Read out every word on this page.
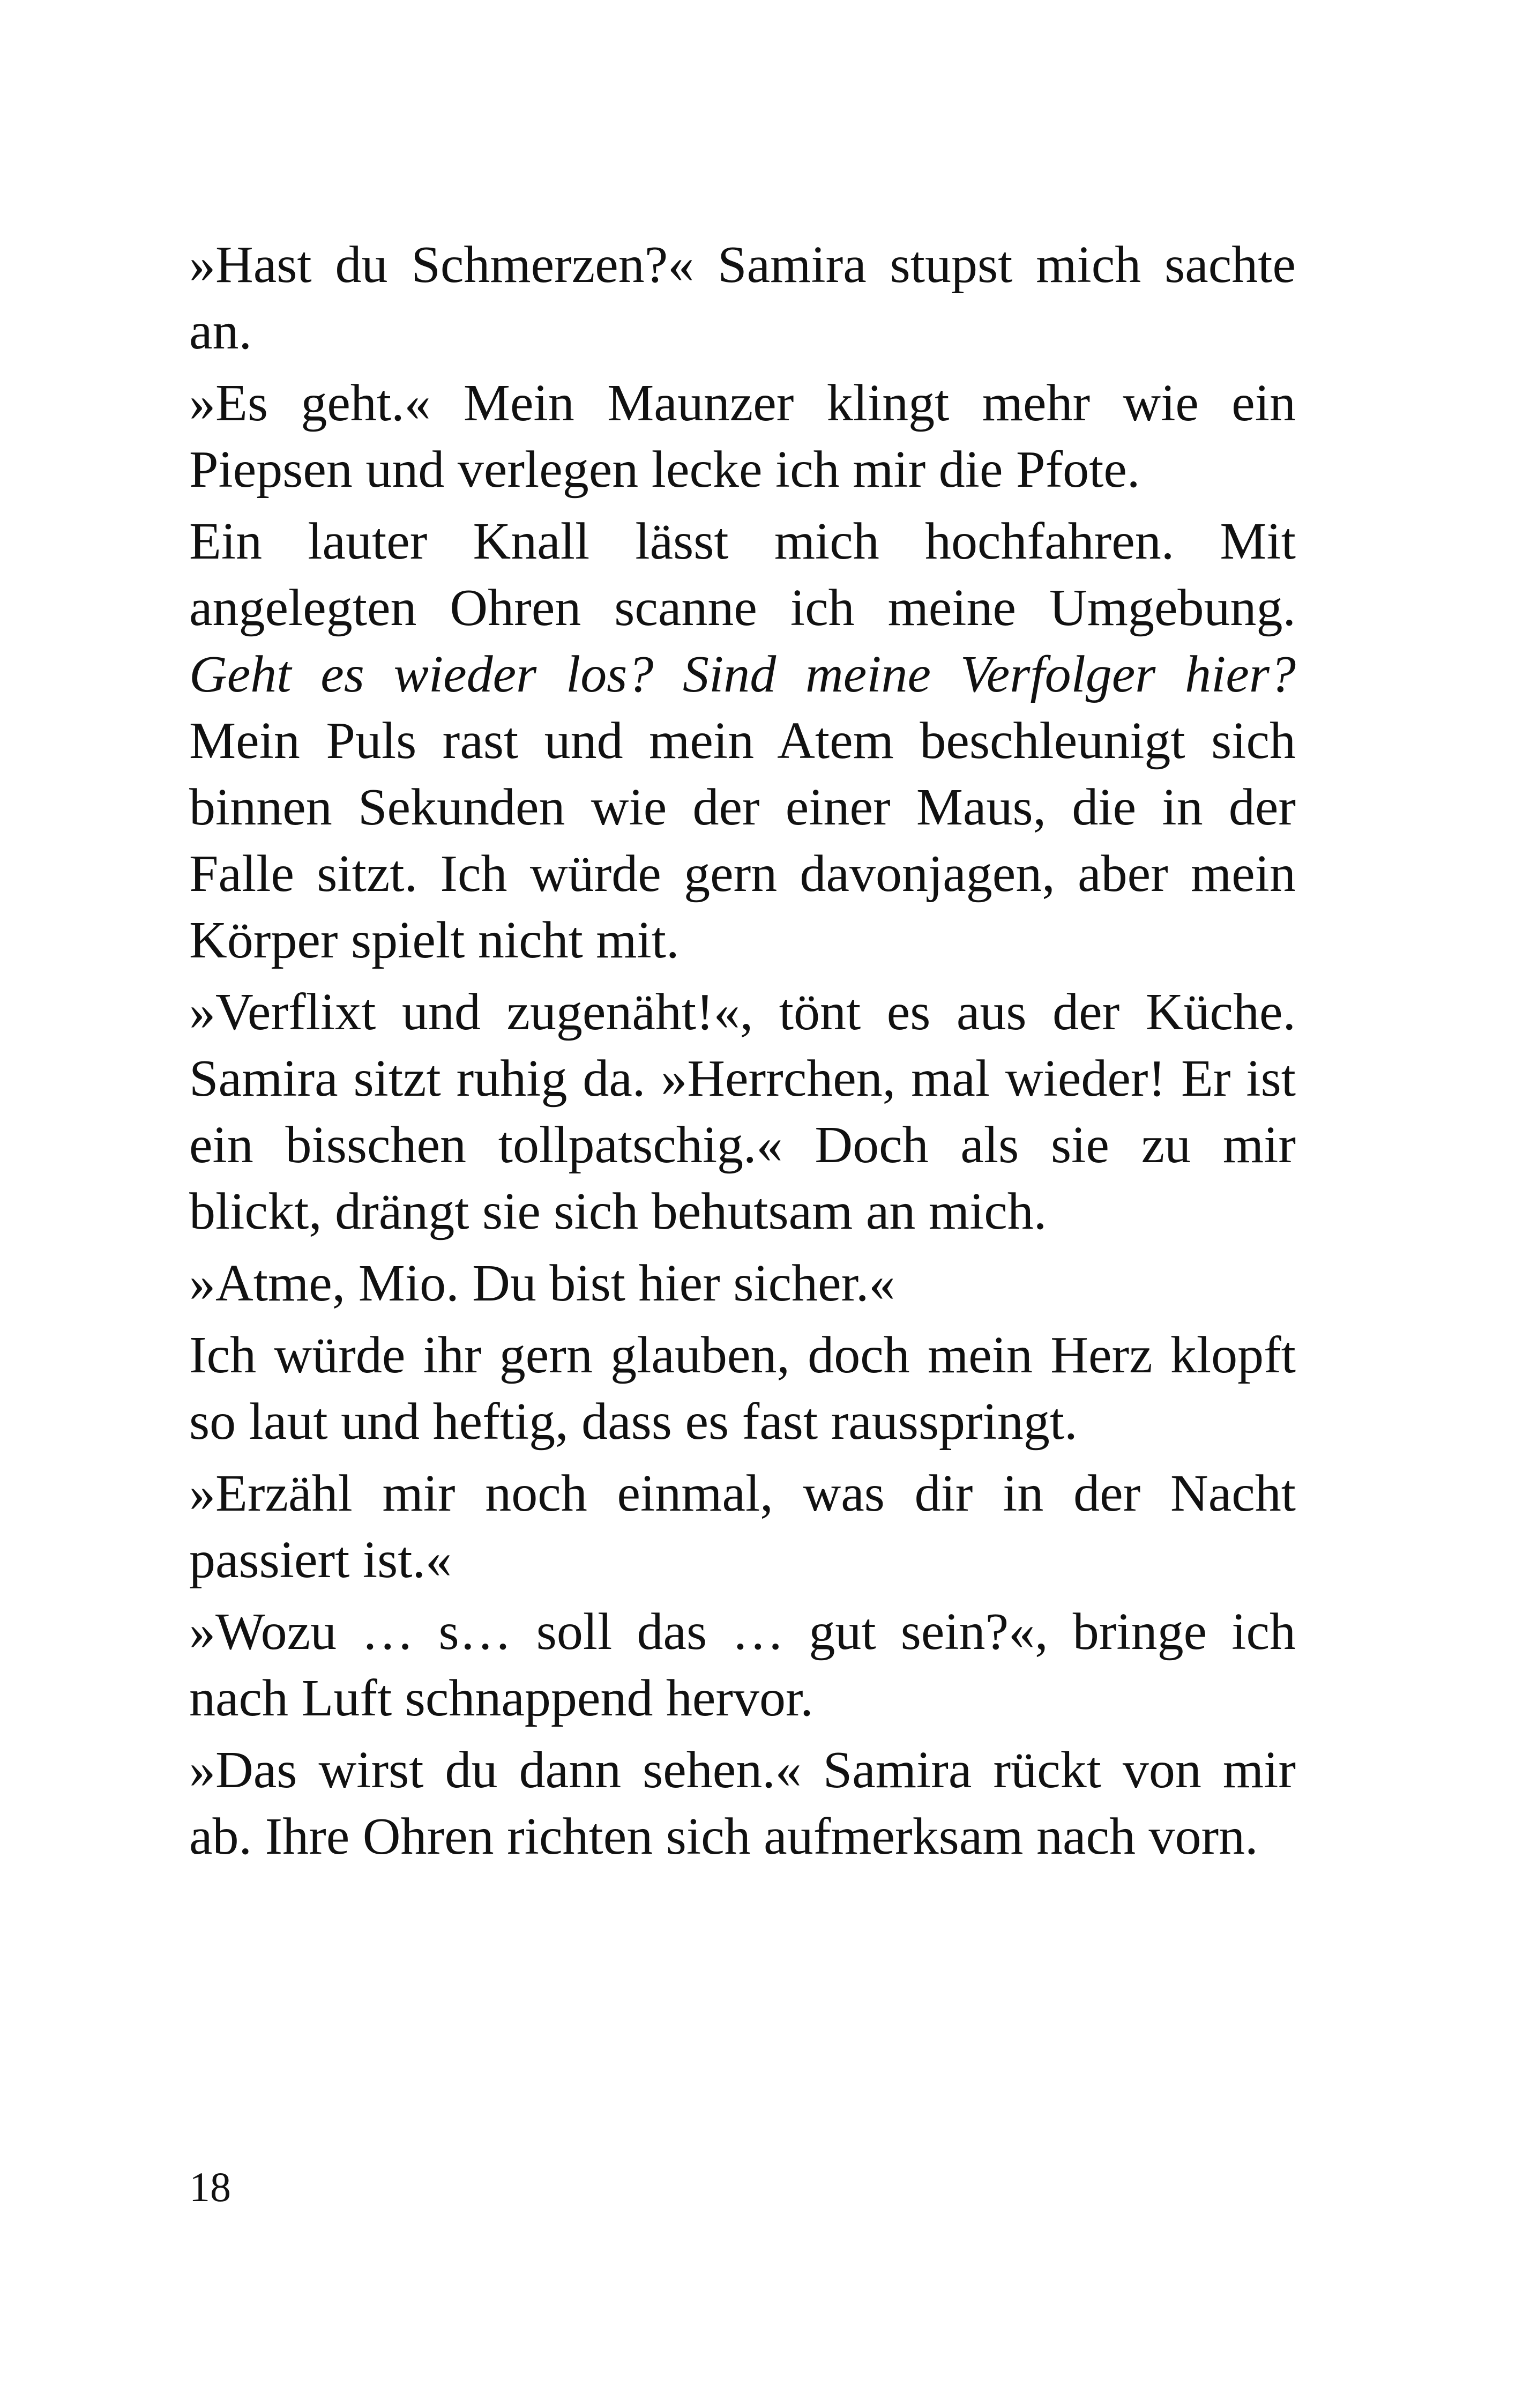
»Hast du Schmerzen?« Samira stupst mich sachte an.

»Es geht.« Mein Maunzer klingt mehr wie ein Piepsen und verlegen lecke ich mir die Pfote.

Ein lauter Knall lässt mich hochfahren. Mit angelegten Ohren scanne ich meine Umgebung. Geht es wieder los? Sind meine Verfolger hier? Mein Puls rast und mein Atem beschleunigt sich binnen Sekunden wie der einer Maus, die in der Falle sitzt. Ich würde gern davonjagen, aber mein Körper spielt nicht mit.

»Verflixt und zugenäht!«, tönt es aus der Küche. Samira sitzt ruhig da. »Herrchen, mal wieder! Er ist ein bisschen tollpatschig.« Doch als sie zu mir blickt, drängt sie sich behutsam an mich.

»Atme, Mio. Du bist hier sicher.«

Ich würde ihr gern glauben, doch mein Herz klopft so laut und heftig, dass es fast rausspringt.

»Erzähl mir noch einmal, was dir in der Nacht passiert ist.«

»Wozu … s… soll das … gut sein?«, bringe ich nach Luft schnappend hervor.

»Das wirst du dann sehen.« Samira rückt von mir ab. Ihre Ohren richten sich aufmerksam nach vorn.

18
